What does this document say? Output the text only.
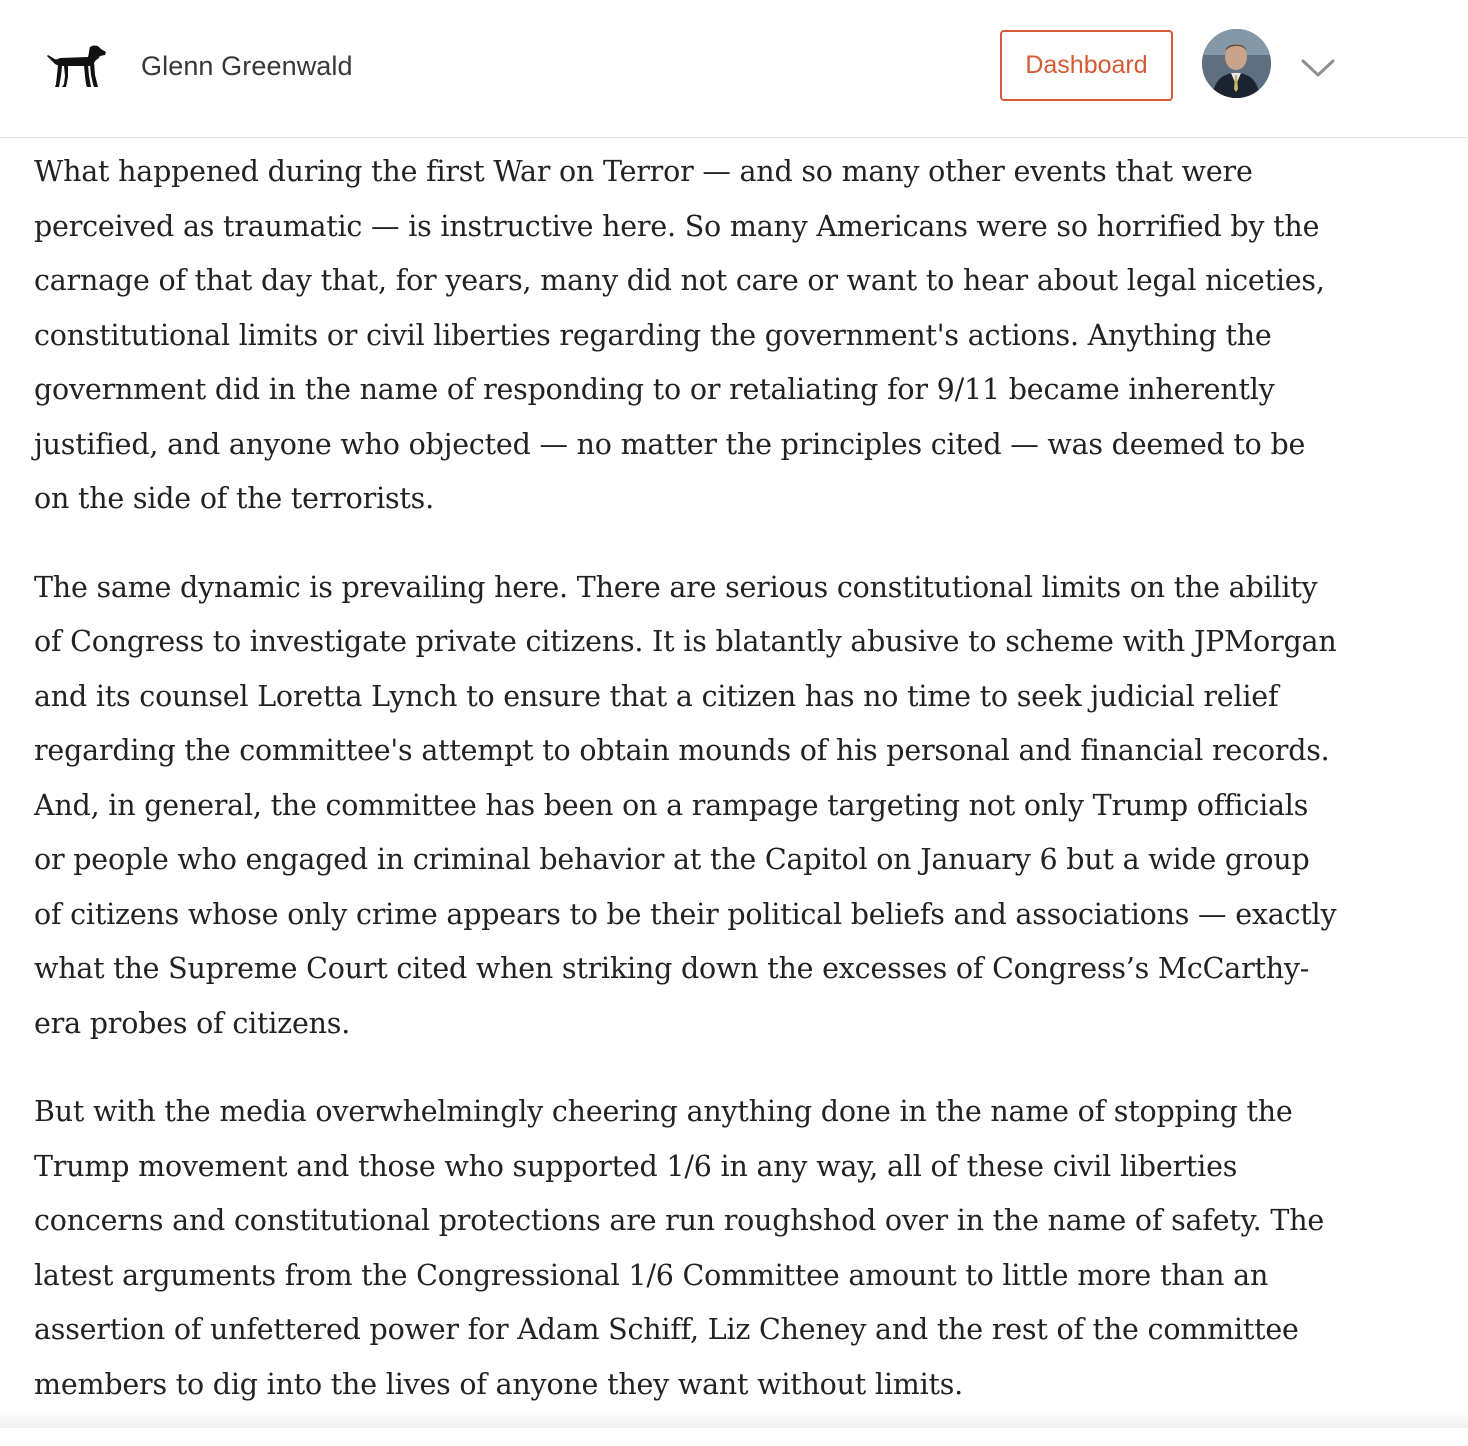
Glenn Greenwald	Dashboard

What happened during the first War on Terror — and so many other events that were perceived as traumatic — is instructive here. So many Americans were so horrified by the carnage of that day that, for years, many did not care or want to hear about legal niceties, constitutional limits or civil liberties regarding the government's actions. Anything the government did in the name of responding to or retaliating for 9/11 became inherently justified, and anyone who objected — no matter the principles cited — was deemed to be on the side of the terrorists.

The same dynamic is prevailing here. There are serious constitutional limits on the ability of Congress to investigate private citizens. It is blatantly abusive to scheme with JPMorgan and its counsel Loretta Lynch to ensure that a citizen has no time to seek judicial relief regarding the committee's attempt to obtain mounds of his personal and financial records. And, in general, the committee has been on a rampage targeting not only Trump officials or people who engaged in criminal behavior at the Capitol on January 6 but a wide group of citizens whose only crime appears to be their political beliefs and associations — exactly what the Supreme Court cited when striking down the excesses of Congress’s McCarthy-era probes of citizens.

But with the media overwhelmingly cheering anything done in the name of stopping the Trump movement and those who supported 1/6 in any way, all of these civil liberties concerns and constitutional protections are run roughshod over in the name of safety. The latest arguments from the Congressional 1/6 Committee amount to little more than an assertion of unfettered power for Adam Schiff, Liz Cheney and the rest of the committee members to dig into the lives of anyone they want without limits.
